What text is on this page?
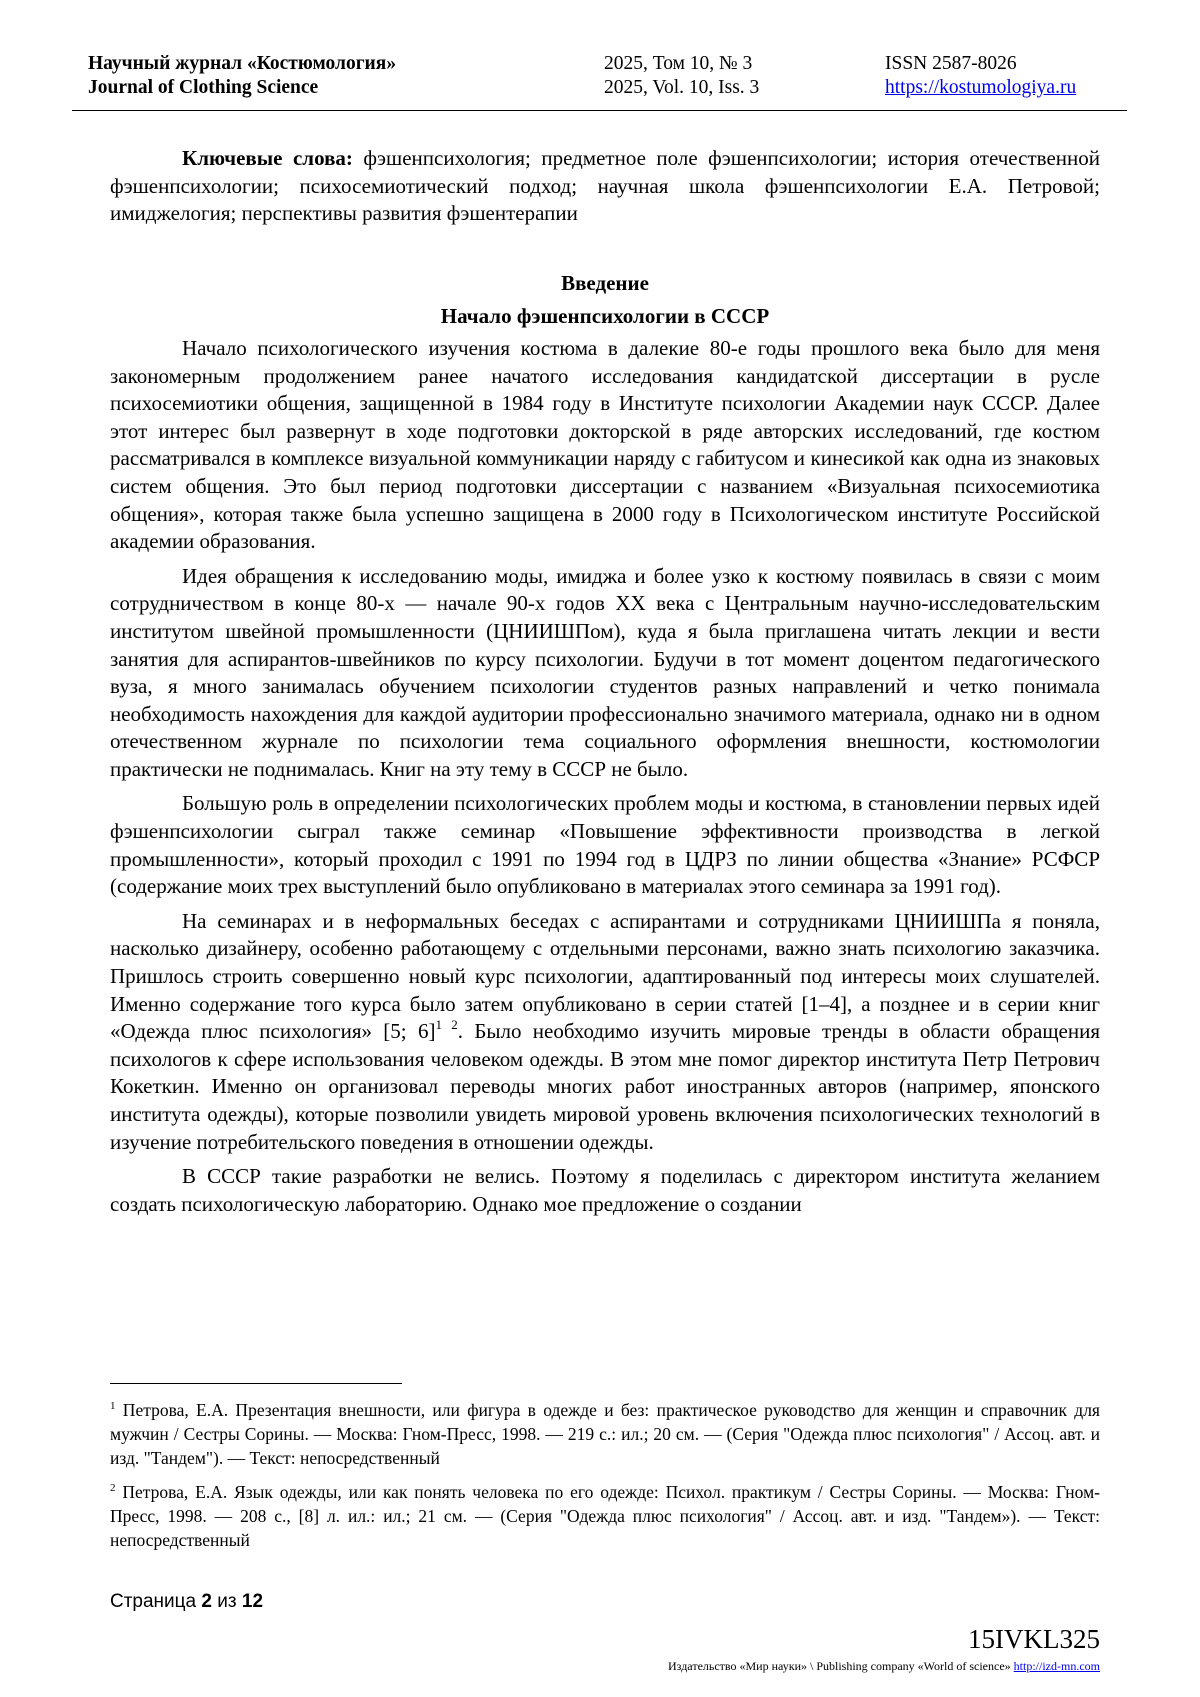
Научный журнал «Костюмология»
Journal of Clothing Science
2025, Том 10, № 3
2025, Vol. 10, Iss. 3
ISSN 2587-8026
https://kostumologiya.ru

Ключевые слова: фэшенпсихология; предметное поле фэшенпсихологии; история отечественной фэшенпсихологии; психосемиотический подход; научная школа фэшенпсихологии Е.А. Петровой; имиджелогия; перспективы развития фэшентерапии

Введение

Начало фэшенпсихологии в СССР

Начало психологического изучения костюма в далекие 80-е годы прошлого века было для меня закономерным продолжением ранее начатого исследования кандидатской диссертации в русле психосемиотики общения, защищенной в 1984 году в Институте психологии Академии наук СССР. Далее этот интерес был развернут в ходе подготовки докторской в ряде авторских исследований, где костюм рассматривался в комплексе визуальной коммуникации наряду с габитусом и кинесикой как одна из знаковых систем общения. Это был период подготовки диссертации с названием «Визуальная психосемиотика общения», которая также была успешно защищена в 2000 году в Психологическом институте Российской академии образования.

Идея обращения к исследованию моды, имиджа и более узко к костюму появилась в связи с моим сотрудничеством в конце 80-х — начале 90-х годов XX века с Центральным научно-исследовательским институтом швейной промышленности (ЦНИИШПом), куда я была приглашена читать лекции и вести занятия для аспирантов-швейников по курсу психологии. Будучи в тот момент доцентом педагогического вуза, я много занималась обучением психологии студентов разных направлений и четко понимала необходимость нахождения для каждой аудитории профессионально значимого материала, однако ни в одном отечественном журнале по психологии тема социального оформления внешности, костюмологии практически не поднималась. Книг на эту тему в СССР не было.

Большую роль в определении психологических проблем моды и костюма, в становлении первых идей фэшенпсихологии сыграл также семинар «Повышение эффективности производства в легкой промышленности», который проходил с 1991 по 1994 год в ЦДРЗ по линии общества «Знание» РСФСР (содержание моих трех выступлений было опубликовано в материалах этого семинара за 1991 год).

На семинарах и в неформальных беседах с аспирантами и сотрудниками ЦНИИШПа я поняла, насколько дизайнеру, особенно работающему с отдельными персонами, важно знать психологию заказчика. Пришлось строить совершенно новый курс психологии, адаптированный под интересы моих слушателей. Именно содержание того курса было затем опубликовано в серии статей [1–4], а позднее и в серии книг «Одежда плюс психология» [5; 6]$^{1 2}$. Было необходимо изучить мировые тренды в области обращения психологов к сфере использования человеком одежды. В этом мне помог директор института Петр Петрович Кокеткин. Именно он организовал переводы многих работ иностранных авторов (например, японского института одежды), которые позволили увидеть мировой уровень включения психологических технологий в изучение потребительского поведения в отношении одежды.

В СССР такие разработки не велись. Поэтому я поделилась с директором института желанием создать психологическую лабораторию. Однако мое предложение о создании

$^1$ Петрова, Е.А. Презентация внешности, или фигура в одежде и без: практическое руководство для женщин и справочник для мужчин / Сестры Сорины. — Москва: Гном-Пресс, 1998. — 219 с.: ил.; 20 см. — (Серия "Одежда плюс психология" / Ассоц. авт. и изд. "Тандем"). — Текст: непосредственный

$^2$ Петрова, Е.А. Язык одежды, или как понять человека по его одежде: Психол. практикум / Сестры Сорины. — Москва: Гном-Пресс, 1998. — 208 с., [8] л. ил.: ил.; 21 см. — (Серия "Одежда плюс психология" / Ассоц. авт. и изд. "Тандем»). — Текст: непосредственный

Страница 2 из 12
15IVKL325
Издательство «Мир науки» \ Publishing company «World of science» http://izd-mn.com
